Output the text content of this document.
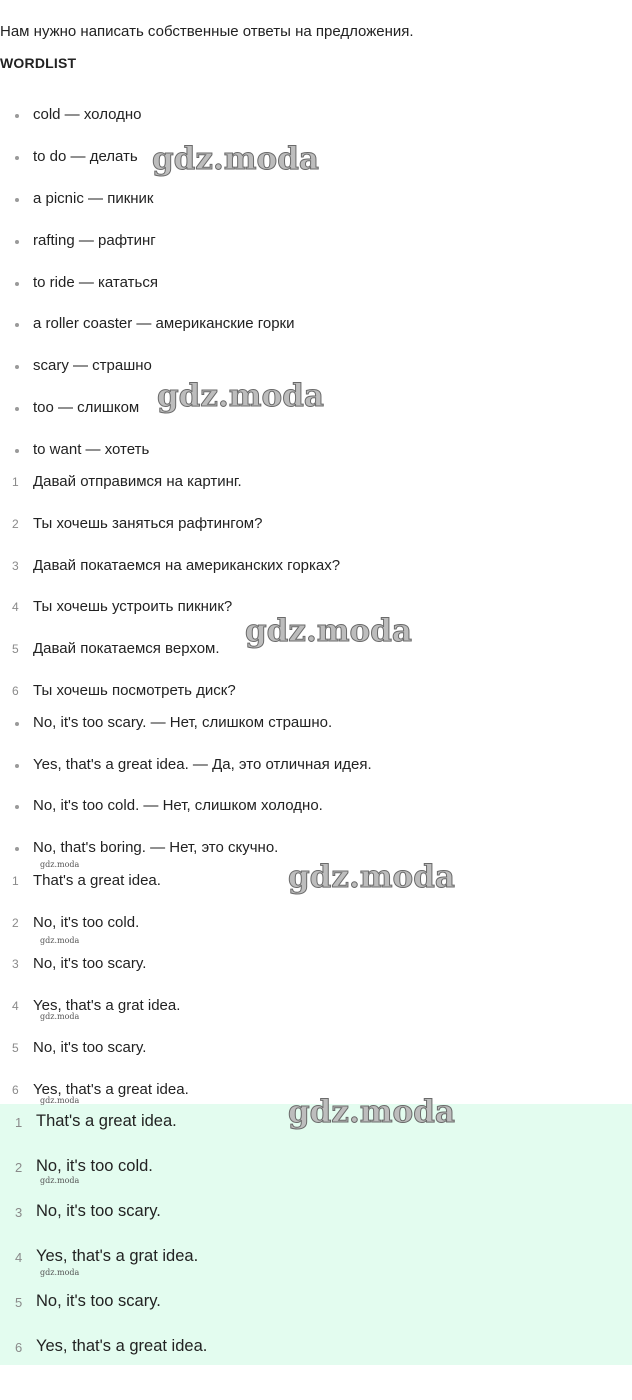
Нам нужно написать собственные ответы на предложения.
WORDLIST
cold — холодно
to do — делать
a picnic — пикник
rafting — рафтинг
to ride — кататься
a roller coaster — американские горки
scary — страшно
too — слишком
to want — хотеть
1. 1 Давай отправимся на картинг.
2. 2 Ты хочешь заняться рафтингом?
3. 3 Давай покатаемся на американских горках?
4. 4 Ты хочешь устроить пикник?
5. 5 Давай покатаемся верхом.
6. 6 Ты хочешь посмотреть диск?
No, it's too scary. — Нет, слишком страшно.
Yes, that's a great idea. — Да, это отличная идея.
No, it's too cold. — Нет, слишком холодно.
No, that's boring. — Нет, это скучно.
1. 1 That's a great idea.
2. 2 No, it's too cold.
3. 3 No, it's too scary.
4. 4 Yes, that's a grat idea.
5. 5 No, it's too scary.
6. 6 Yes, that's a great idea.
1. 1 That's a great idea.
2. 2 No, it's too cold.
3. 3 No, it's too scary.
4. 4 Yes, that's a grat idea.
5. 5 No, it's too scary.
6. 6 Yes, that's a great idea.
gdz.moda
gdz.moda
gdz.moda
gdz.moda
gdz.moda
gdz.moda
gdz.moda
gdz.moda
gdz.moda
gdz.moda
gdz.moda
